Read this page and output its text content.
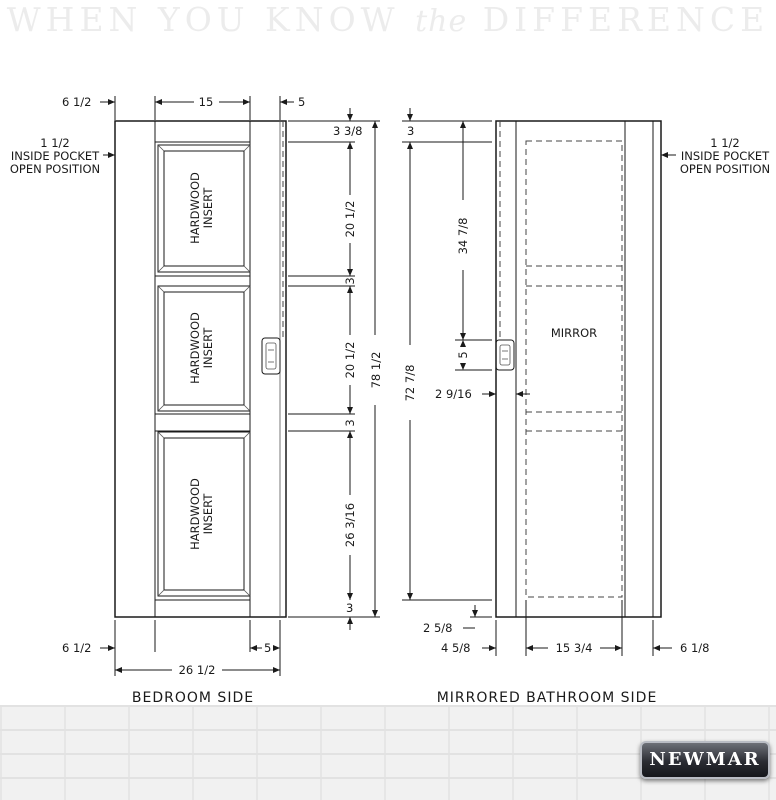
WHEN YOU KNOW the DIFFERENCE
HARDWOOD INSERT
HARDWOOD INSERT
HARDWOOD INSERT
6 1/2	15	5
1 1/2
INSIDE POCKET
OPEN POSITION
3 3/8
20 1/2
3
20 1/2
3
26 3/16
3
78 1/2
6 1/2	5
26 1/2
BEDROOM SIDE
MIRROR
3
72 7/8
34 7/8
5
2 9/16
2 5/8
1 1/2
INSIDE POCKET
OPEN POSITION
4 5/8	15 3/4	6 1/8
MIRRORED BATHROOM SIDE
NEWMAR
